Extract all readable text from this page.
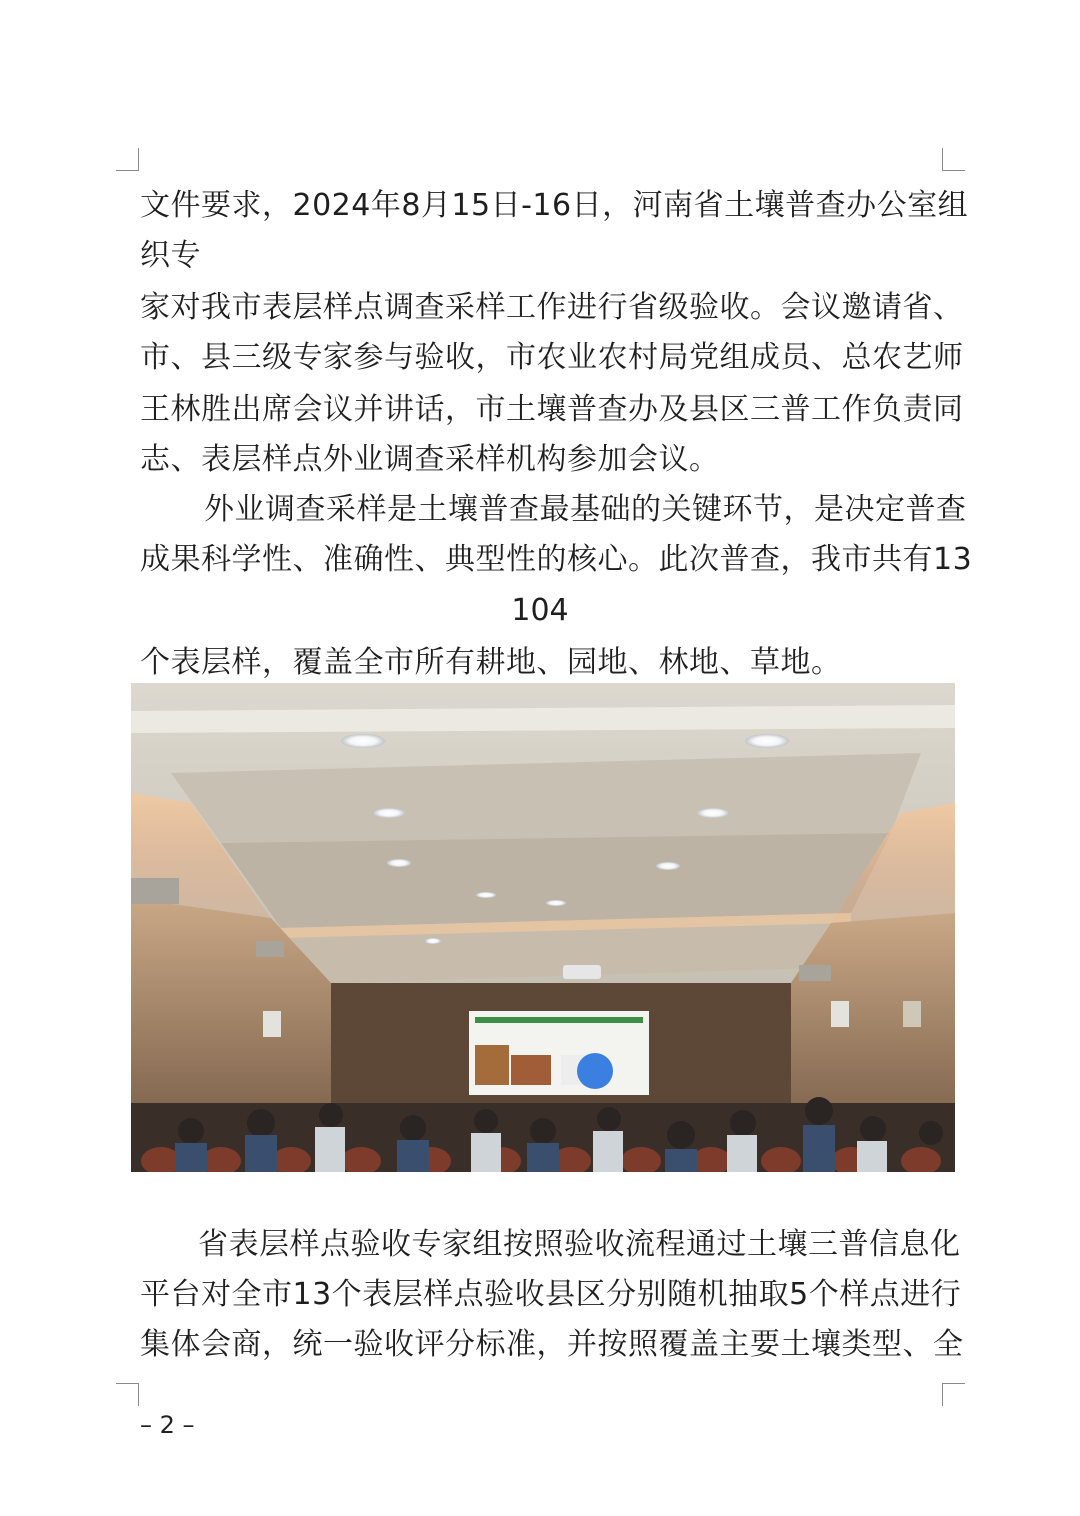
文件要求，2024年8月15日-16日，河南省土壤普查办公室组
织专
家对我市表层样点调查采样工作进行省级验收。会议邀请省、
市、县三级专家参与验收，市农业农村局党组成员、总农艺师
王林胜出席会议并讲话，市土壤普查办及县区三普工作负责同
志、表层样点外业调查采样机构参加会议。
外业调查采样是土壤普查最基础的关键环节，是决定普查
成果科学性、准确性、典型性的核心。此次普查，我市共有13
104
个表层样，覆盖全市所有耕地、园地、林地、草地。
省表层样点验收专家组按照验收流程通过土壤三普信息化
平台对全市13个表层样点验收县区分别随机抽取5个样点进行
集体会商，统一验收评分标准，并按照覆盖主要土壤类型、全
– 2 –
